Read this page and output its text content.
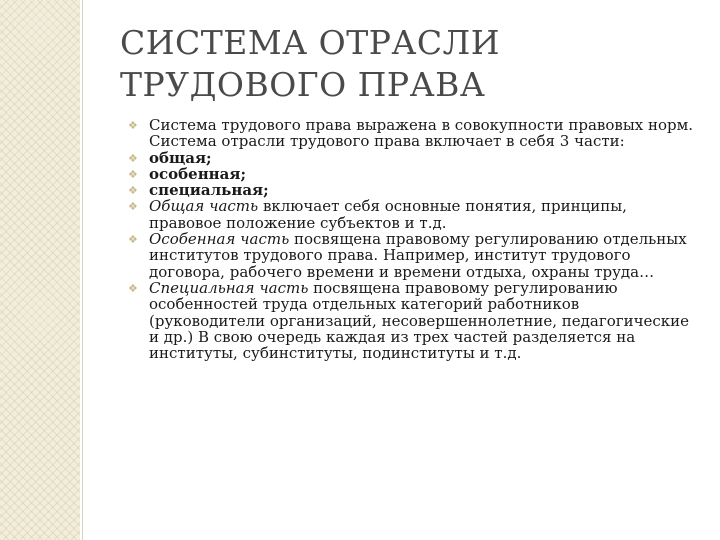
СИСТЕМА ОТРАСЛИ
ТРУДОВОГО ПРАВА
❖ Система трудового права выражена в совокупности правовых норм. Система отрасли трудового права включает в себя 3 части:
❖ общая;
❖ особенная;
❖ специальная;
❖ Общая часть включает себя основные понятия, принципы, правовое положение субъектов и т.д.
❖ Особенная часть посвящена правовому регулированию отдельных институтов трудового права. Например, институт трудового договора, рабочего времени и времени отдыха, охраны труда…
❖ Специальная часть посвящена правовому регулированию особенностей труда отдельных категорий работников (руководители организаций, несовершеннолетние, педагогические и др.) В свою очередь каждая из трех частей разделяется на институты, субинституты, подинституты и т.д.
